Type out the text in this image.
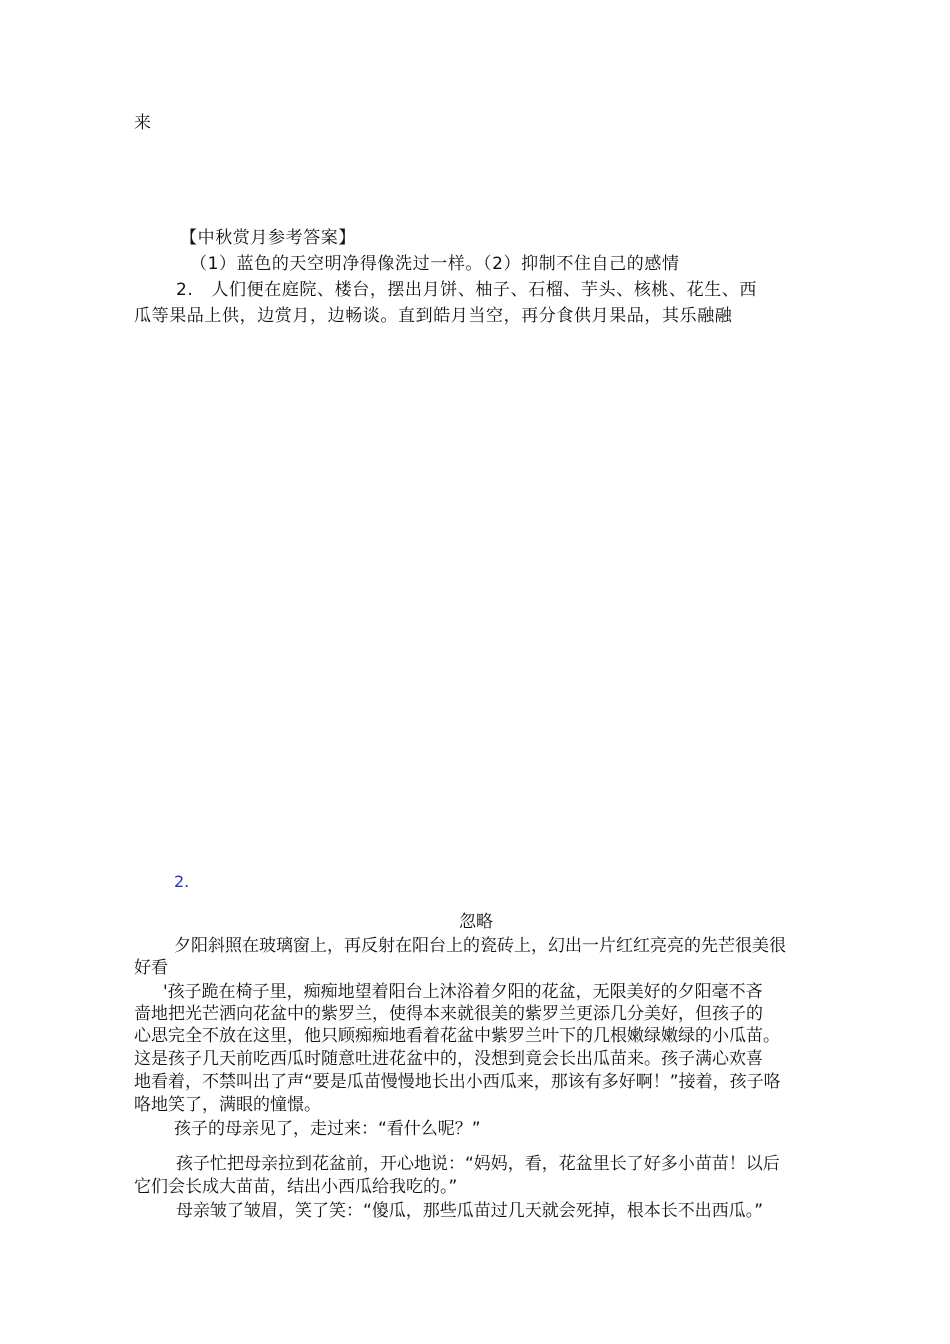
来

【中秋赏月参考答案】

（1）蓝色的天空明净得像洗过一样。（2）抑制不住自己的感情

2.   人们便在庭院、楼台，摆出月饼、柚子、石榴、芋头、核桃、花生、西

瓜等果品上供，边赏月，边畅谈。直到皓月当空，再分食供月果品，其乐融融

2.

忽略

夕阳斜照在玻璃窗上，再反射在阳台上的瓷砖上，幻出一片红红亮亮的先芒很美很

好看

'孩子跪在椅子里，痴痴地望着阳台上沐浴着夕阳的花盆，无限美好的夕阳毫不吝

啬地把光芒洒向花盆中的紫罗兰，使得本来就很美的紫罗兰更添几分美好，但孩子的

心思完全不放在这里，他只顾痴痴地看着花盆中紫罗兰叶下的几根嫩绿嫩绿的小瓜苗。

这是孩子几天前吃西瓜时随意吐进花盆中的，没想到竟会长出瓜苗来。孩子满心欢喜

地看着，不禁叫出了声“要是瓜苗慢慢地长出小西瓜来，那该有多好啊！”接着，孩子咯

咯地笑了，满眼的憧憬。

孩子的母亲见了，走过来：“看什么呢？”

孩子忙把母亲拉到花盆前，开心地说：“妈妈，看，花盆里长了好多小苗苗！以后

它们会长成大苗苗，结出小西瓜给我吃的。”

母亲皱了皱眉，笑了笑：“傻瓜，那些瓜苗过几天就会死掉，根本长不出西瓜。”
